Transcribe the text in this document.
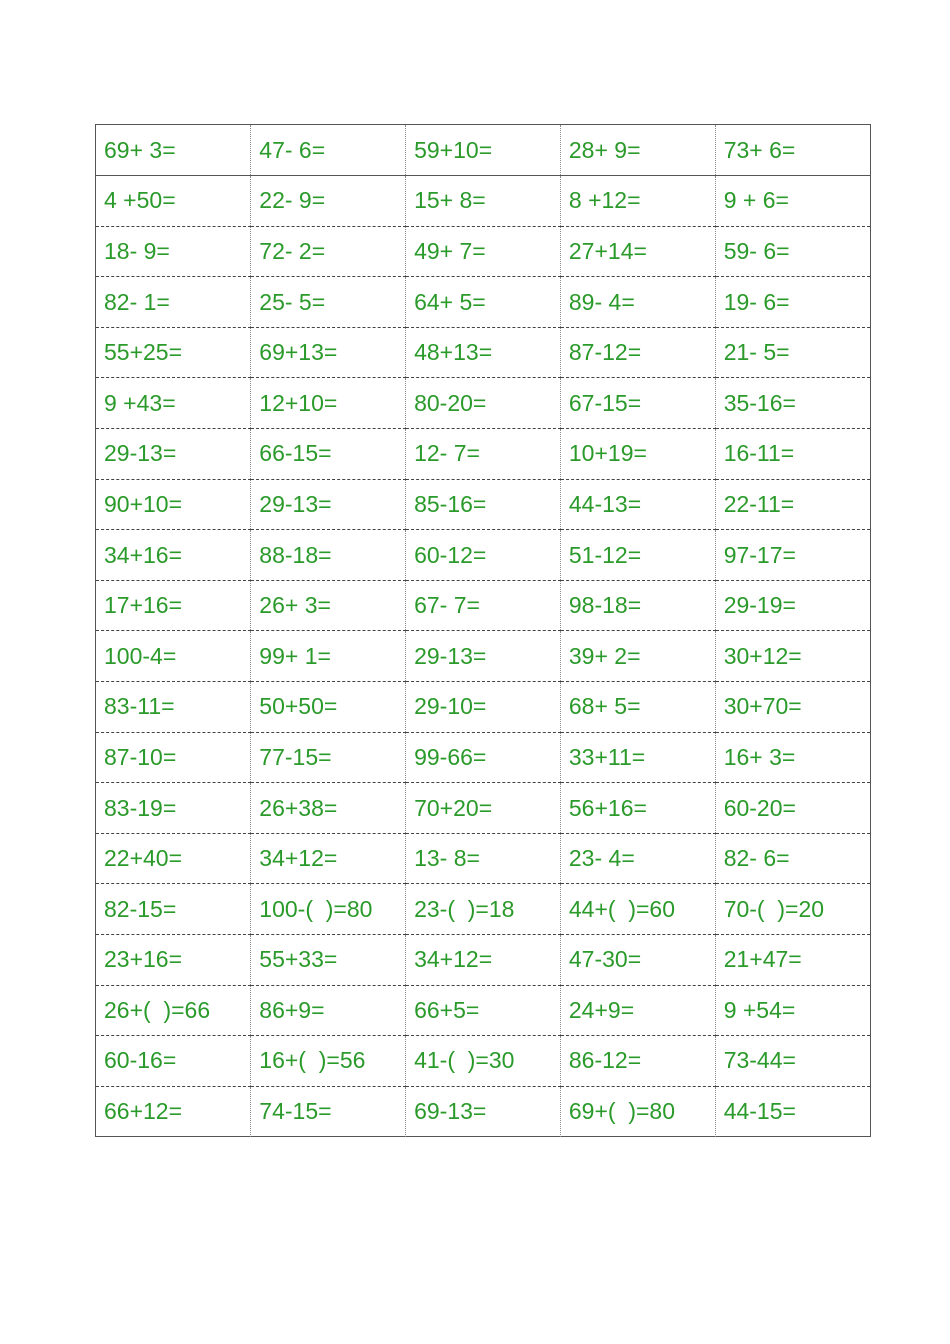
69+ 3=	47- 6=	59+10=	28+ 9=	73+ 6=
4 +50=	22- 9=	15+ 8=	8 +12=	9 + 6=
18- 9=	72- 2=	49+ 7=	27+14=	59- 6=
82- 1=	25- 5=	64+ 5=	89- 4=	19- 6=
55+25=	69+13=	48+13=	87-12=	21- 5=
9 +43=	12+10=	80-20=	67-15=	35-16=
29-13=	66-15=	12- 7=	10+19=	16-11=
90+10=	29-13=	85-16=	44-13=	22-11=
34+16=	88-18=	60-12=	51-12=	97-17=
17+16=	26+ 3=	67- 7=	98-18=	29-19=
100-4=	99+ 1=	29-13=	39+ 2=	30+12=
83-11=	50+50=	29-10=	68+ 5=	30+70=
87-10=	77-15=	99-66=	33+11=	16+ 3=
83-19=	26+38=	70+20=	56+16=	60-20=
22+40=	34+12=	13- 8=	23- 4=	82- 6=
82-15=	100-(  )=80	23-(  )=18	44+(  )=60	70-(  )=20
23+16=	55+33=	34+12=	47-30=	21+47=
26+(  )=66	86+9=	66+5=	24+9=	9 +54=
60-16=	16+(  )=56	41-(  )=30	86-12=	73-44=
66+12=	74-15=	69-13=	69+(  )=80	44-15=
